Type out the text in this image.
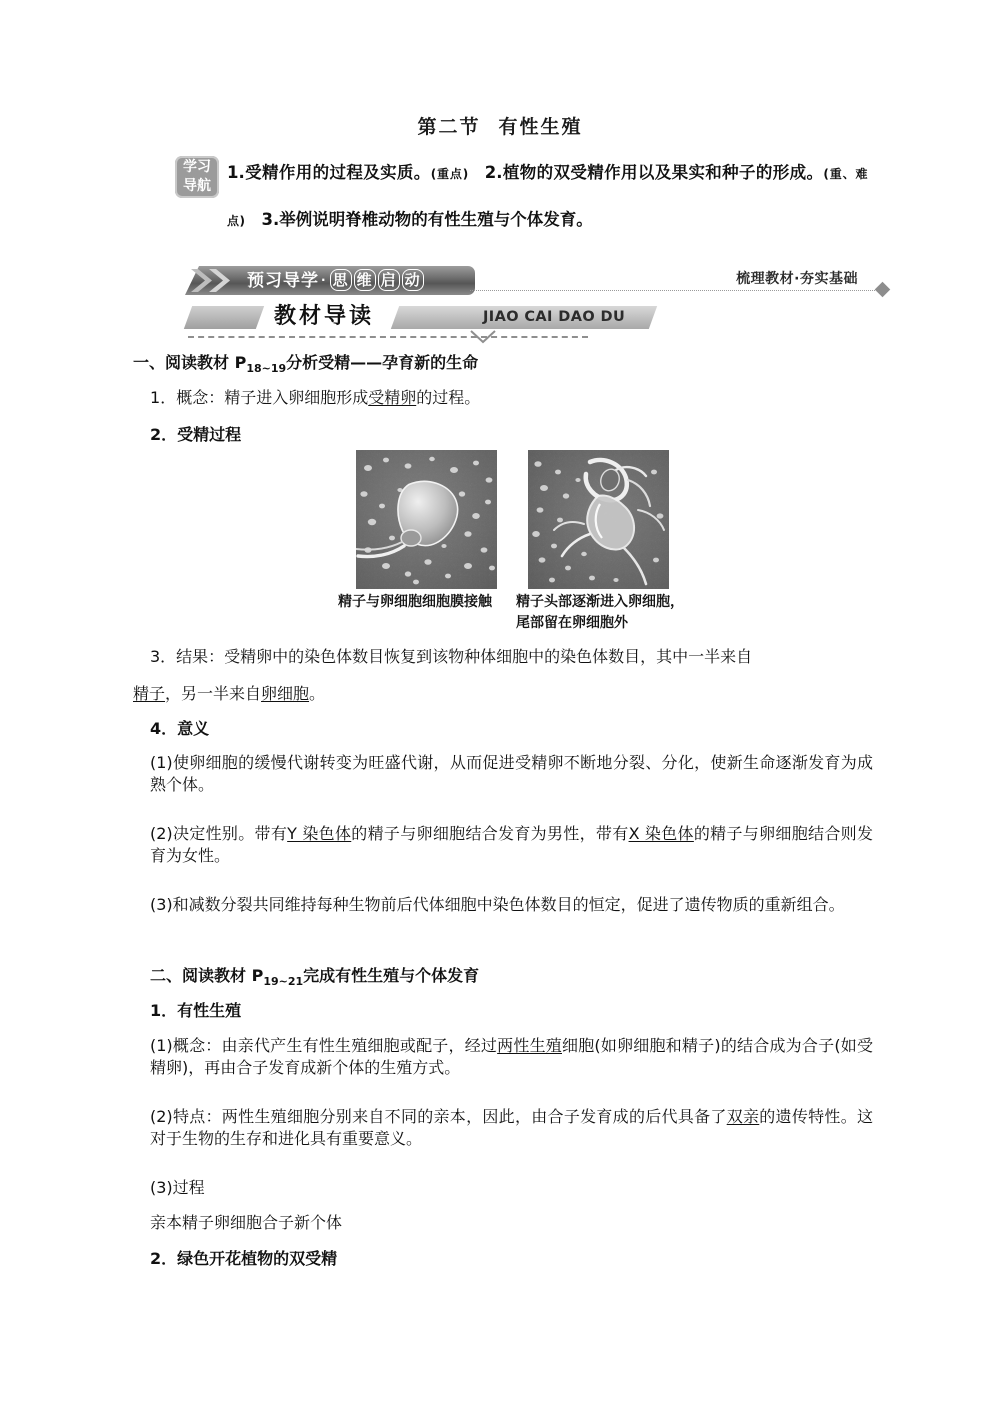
第二节 有性生殖
学习
导航
1.受精作用的过程及实质。(重点) 2.植物的双受精作用以及果实和种子的形成。(重、难点) 3.举例说明脊椎动物的有性生殖与个体发育。
预习导学 · 思 维 启 动	梳理教材·夯实基础
教材导读	JIAO CAI DAO DU
一、阅读教材 $P_{18\sim 19}$分析受精——孕育新的生命
1．概念：精子进入卵细胞形成受精卵的过程。
2．受精过程
精子与卵细胞细胞膜接触	精子头部逐渐进入卵细胞，
尾部留在卵细胞外
3．结果：受精卵中的染色体数目恢复到该物种体细胞中的染色体数目，其中一半来自
精子，另一半来自卵细胞。
4．意义
(1)使卵细胞的缓慢代谢转变为旺盛代谢，从而促进受精卵不断地分裂、分化，使新生命逐渐发育为成熟个体。
(2)决定性别。带有Y 染色体的精子与卵细胞结合发育为男性，带有X 染色体的精子与卵细胞结合则发育为女性。
(3)和减数分裂共同维持每种生物前后代体细胞中染色体数目的恒定，促进了遗传物质的重新组合。
二、阅读教材 $P_{19\sim 21}$完成有性生殖与个体发育
1．有性生殖
(1)概念：由亲代产生有性生殖细胞或配子，经过两性生殖细胞(如卵细胞和精子)的结合成为合子(如受精卵)，再由合子发育成新个体的生殖方式。
(2)特点：两性生殖细胞分别来自不同的亲本，因此，由合子发育成的后代具备了双亲的遗传特性。这对于生物的生存和进化具有重要意义。
(3)过程
亲本精子卵细胞合子新个体
2．绿色开花植物的双受精
